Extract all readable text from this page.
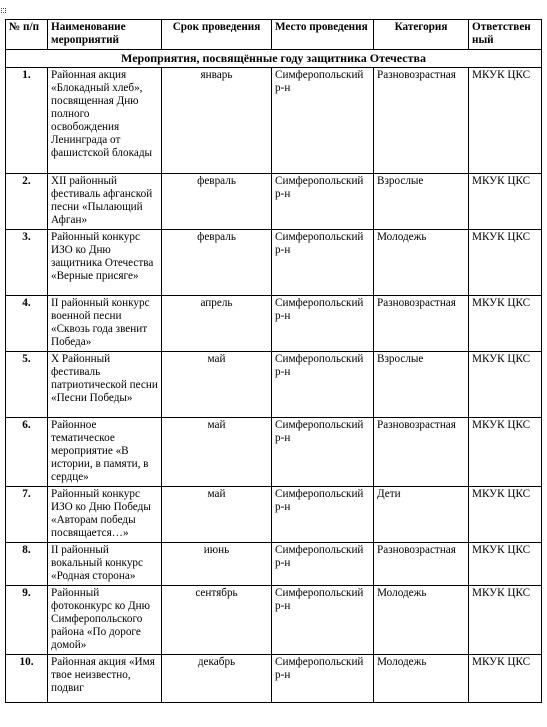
№ п/п	Наименование мероприятий	Срок проведения	Место проведения	Категория	Ответствен ный
Мероприятия, посвящённые году защитника Отечества					
1.	Районная акция «Блокадный хлеб», посвященная Дню полного освобождения Ленинграда от фашистской блокады	январь	Симферопольский р-н	Разновозрастная	МКУК ЦКС
2.	XII районный фестиваль афганской песни «Пылающий Афган»	февраль	Симферопольский р-н	Взрослые	МКУК ЦКС
3.	Районный конкурс ИЗО ко Дню защитника Отечества «Верные присяге»	февраль	Симферопольский р-н	Молодежь	МКУК ЦКС
4.	II районный конкурс военной песни «Сквозь года звенит Победа»	апрель	Симферопольский р-н	Разновозрастная	МКУК ЦКС
5.	X Районный фестиваль патриотической песни «Песни Победы»	май	Симферопольский р-н	Взрослые	МКУК ЦКС
6.	Районное тематическое мероприятие «В истории, в памяти, в сердце»	май	Симферопольский р-н	Разновозрастная	МКУК ЦКС
7.	Районный конкурс ИЗО ко Дню Победы «Авторам победы посвящается…»	май	Симферопольский р-н	Дети	МКУК ЦКС
8.	II районный вокальный конкурс «Родная сторона»	июнь	Симферопольский р-н	Разновозрастная	МКУК ЦКС
9.	Районный фотоконкурс ко Дню Симферопольского района «По дороге домой»	сентябрь	Симферопольский р-н	Молодежь	МКУК ЦКС
10.	Районная акция «Имя твое неизвестно, подвиг	декабрь	Симферопольский р-н	Молодежь	МКУК ЦКС
